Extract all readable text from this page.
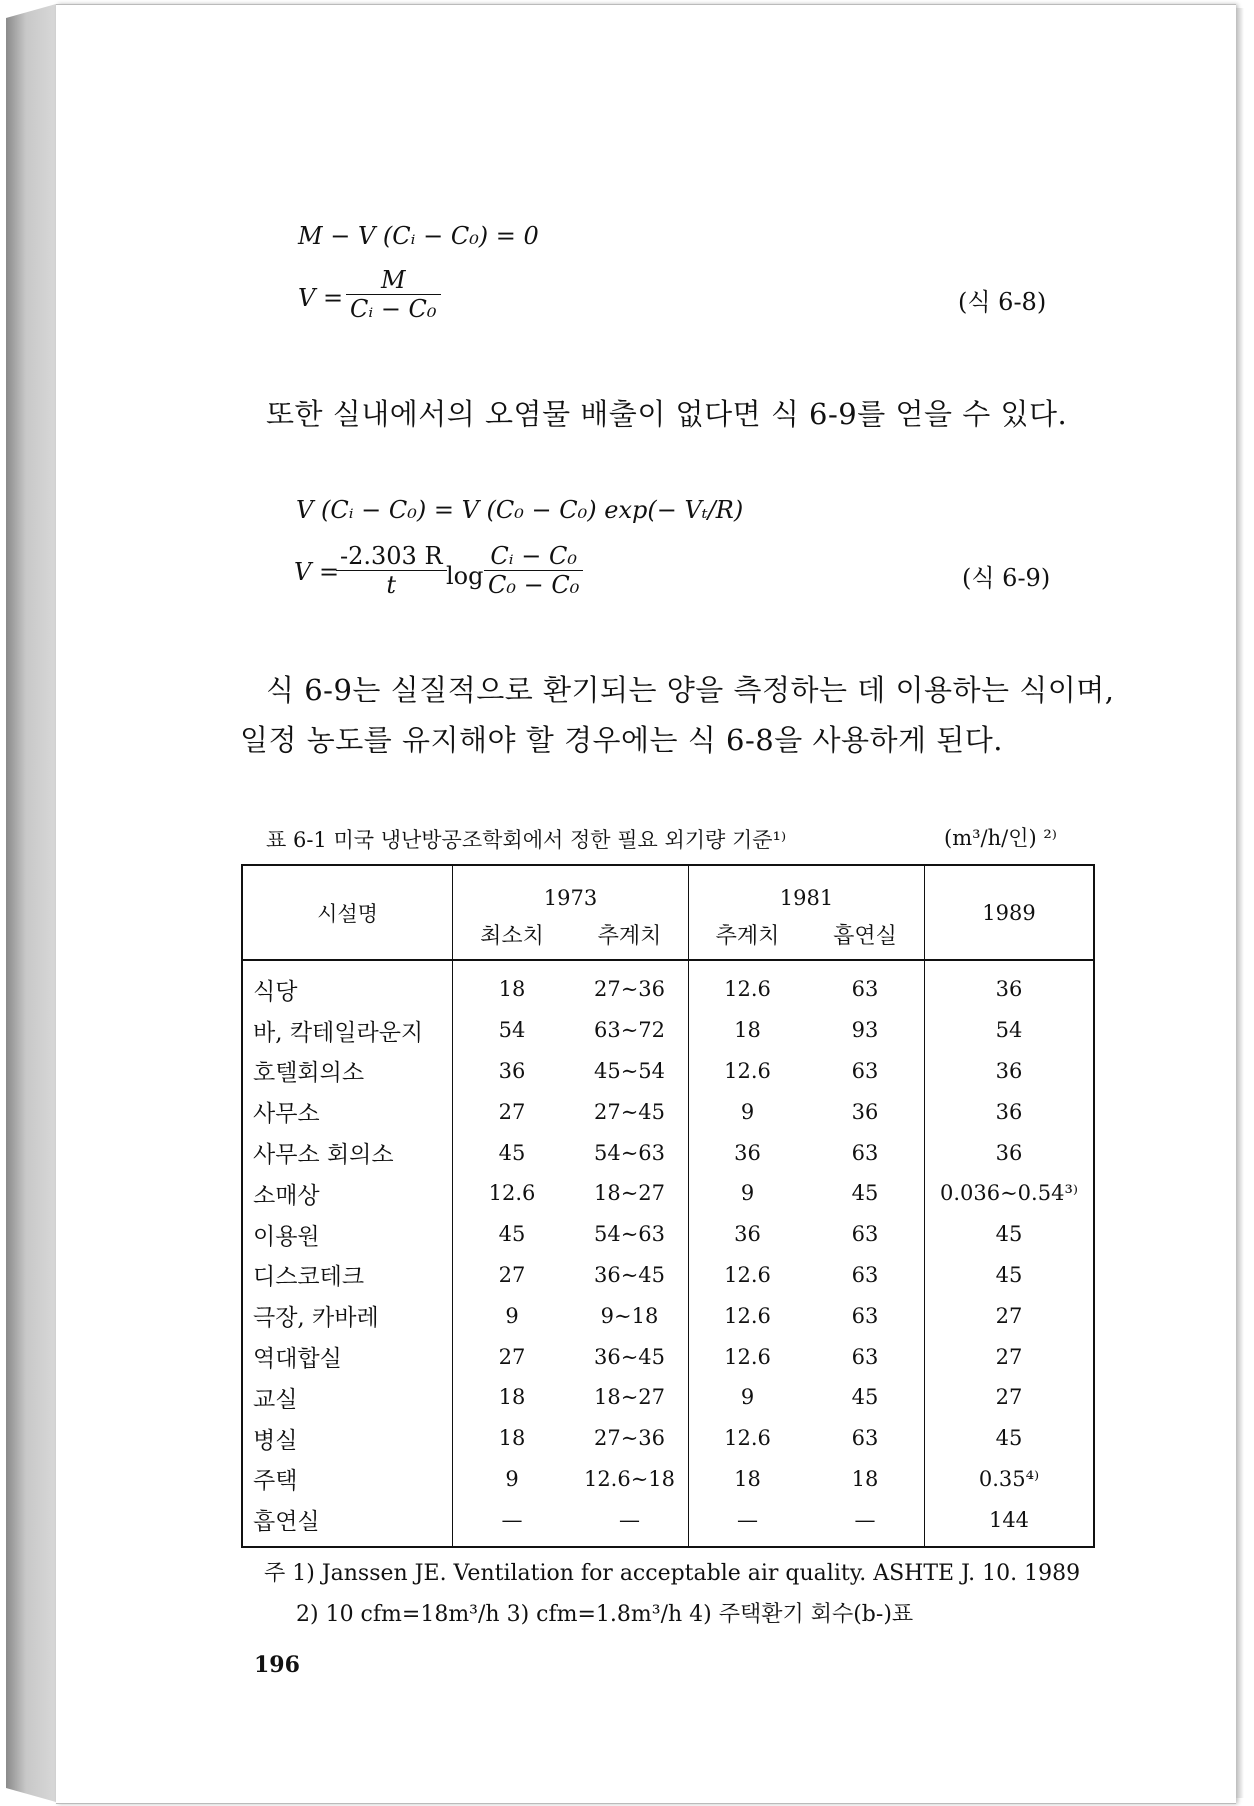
M − V (Cᵢ − C₀) = 0
$V = \frac{M}{\text{Cᵢ − C₀}}$	(식 6-8)
또한 실내에서의 오염물 배출이 없다면 식 6-9를 얻을 수 있다.
V (Cᵢ − C₀) = V (C₀ − C₀) exp(− Vₜ/R)
V =
$\frac{-2.303 R}{t}$ $\log \frac{\text{Cᵢ − C₀}}{\text{C₀ − C₀}}$	(식 6-9)
식 6-9는 실질적으로 환기되는 양을 측정하는 데 이용하는 식이며,
일정 농도를 유지해야 할 경우에는 식 6-8을 사용하게 된다.
표 6-1 미국 냉난방공조학회에서 정한 필요 외기량 기준¹⁾	(m³/h/인) ²⁾
시설명	1973		1981		1989
	최소치	추계치	추계치	흡연실	
식당	18	27∼36	12.6	63	36
바, 칵테일라운지	54	63∼72	18	93	54
호텔회의소	36	45∼54	12.6	63	36
사무소	27	27∼45	9	36	36
사무소 회의소	45	54∼63	36	63	36
소매상	12.6	18∼27	9	45	0.036∼0.54³⁾
이용원	45	54∼63	36	63	45
디스코테크	27	36∼45	12.6	63	45
극장, 카바레	9	9∼18	12.6	63	27
역대합실	27	36∼45	12.6	63	27
교실	18	18∼27	9	45	27
병실	18	27∼36	12.6	63	45
주택	9	12.6∼18	18	18	0.35⁴⁾
흡연실	—	—	—	—	144
주 1) Janssen JE. Ventilation for acceptable air quality. ASHTE J. 10. 1989
2) 10 cfm=18m³/h 3) cfm=1.8m³/h 4) 주택환기 회수(b-)표
196
